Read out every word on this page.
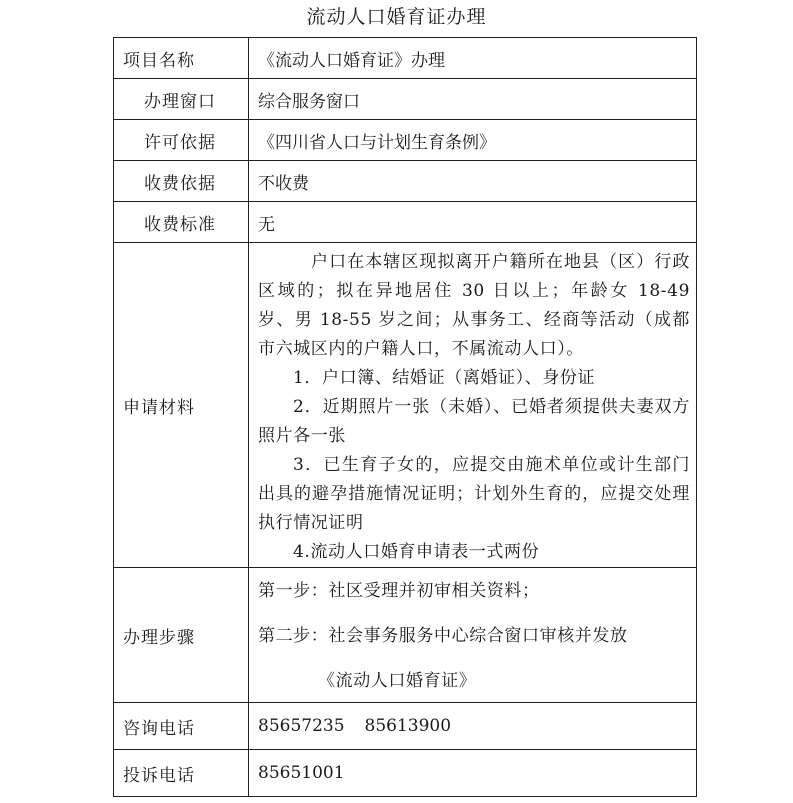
流动人口婚育证办理
项目名称	《流动人口婚育证》办理
办理窗口	综合服务窗口
许可依据	《四川省人口与计划生育条例》
收费依据	不收费
收费标准	无
申请材料	户口在本辖区现拟离开户籍所在地县（区）行政区域的；拟在异地居住 30 日以上；年龄女 18-49 岁、男 18-55 岁之间；从事务工、经商等活动（成都市六城区内的户籍人口，不属流动人口）。
1．户口簿、结婚证（离婚证）、身份证
2．近期照片一张（未婚）、已婚者须提供夫妻双方照片各一张
3．已生育子女的，应提交由施术单位或计生部门出具的避孕措施情况证明；计划外生育的，应提交处理执行情况证明
4.流动人口婚育申请表一式两份

办理步骤	第一步：社区受理并初审相关资料；
第二步：社会事务服务中心综合窗口审核并发放
《流动人口婚育证》

咨询电话	85657235 85613900
投诉电话	85651001
